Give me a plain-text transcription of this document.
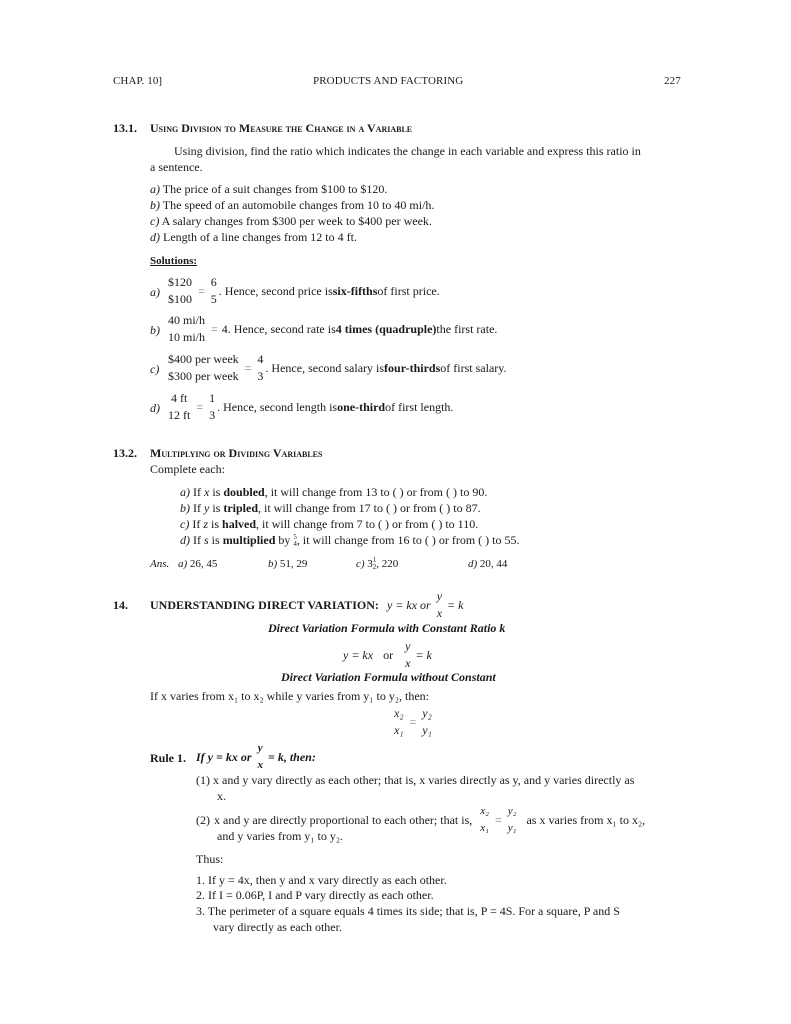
CHAP. 10]	PRODUCTS AND FACTORING	227
13.1. Using Division to Measure the Change in a Variable
Using division, find the ratio which indicates the change in each variable and express this ratio in
a sentence.
a) The price of a suit changes from $100 to $120.
b) The speed of an automobile changes from 10 to 40 mi/h.
c) A salary changes from $300 per week to $400 per week.
d) Length of a line changes from 12 to 4 ft.
Solutions:
a)
$120
$100
=
6
5
. Hence, second price is six-fifths of first price.
b)
40 mi/h
10 mi/h
= 4. Hence, second rate is 4 times (quadruple) the first rate.
c)
$400 per week
$300 per week
=
4
3
. Hence, second salary is four-thirds of first salary.
d)
4 ft
12 ft
=
1
3
. Hence, second length is one-third of first length.
13.2. Multiplying or Dividing Variables
Complete each:
a) If x is doubled, it will change from 13 to ( ) or from ( ) to 90.
b) If y is tripled, it will change from 17 to ( ) or from ( ) to 87.
c) If z is halved, it will change from 7 to ( ) or from ( ) to 110.
d) If s is multiplied by 5
4 , it will change from 16 to ( ) or from ( ) to 55.
Ans. a) 26, 45	b) 51, 29	c) 3 1
2 , 220	d) 20, 44
14. UNDERSTANDING DIRECT VARIATION: y = kx or
y
x
= k
Direct Variation Formula with Constant Ratio k
y = kx or
y
x
= k
Direct Variation Formula without Constant
If x varies from x₁ to x₂ while y varies from y₁ to y₂, then:
x₂
x₁
=
y₂
y₁
Rule 1. If y = kx or
y
x
= k, then:
(1) x and y vary directly as each other; that is, x varies directly as y, and y varies directly as
x.
(2) x and y are directly proportional to each other; that is,
x₂
x₁
=
y₂
y₁
as x varies from x₁ to x₂,
and y varies from y₁ to y₂.
Thus:
1. If y = 4x, then y and x vary directly as each other.
2. If I = 0.06P, I and P vary directly as each other.
3. The perimeter of a square equals 4 times its side; that is, P = 4S. For a square, P and S
vary directly as each other.
